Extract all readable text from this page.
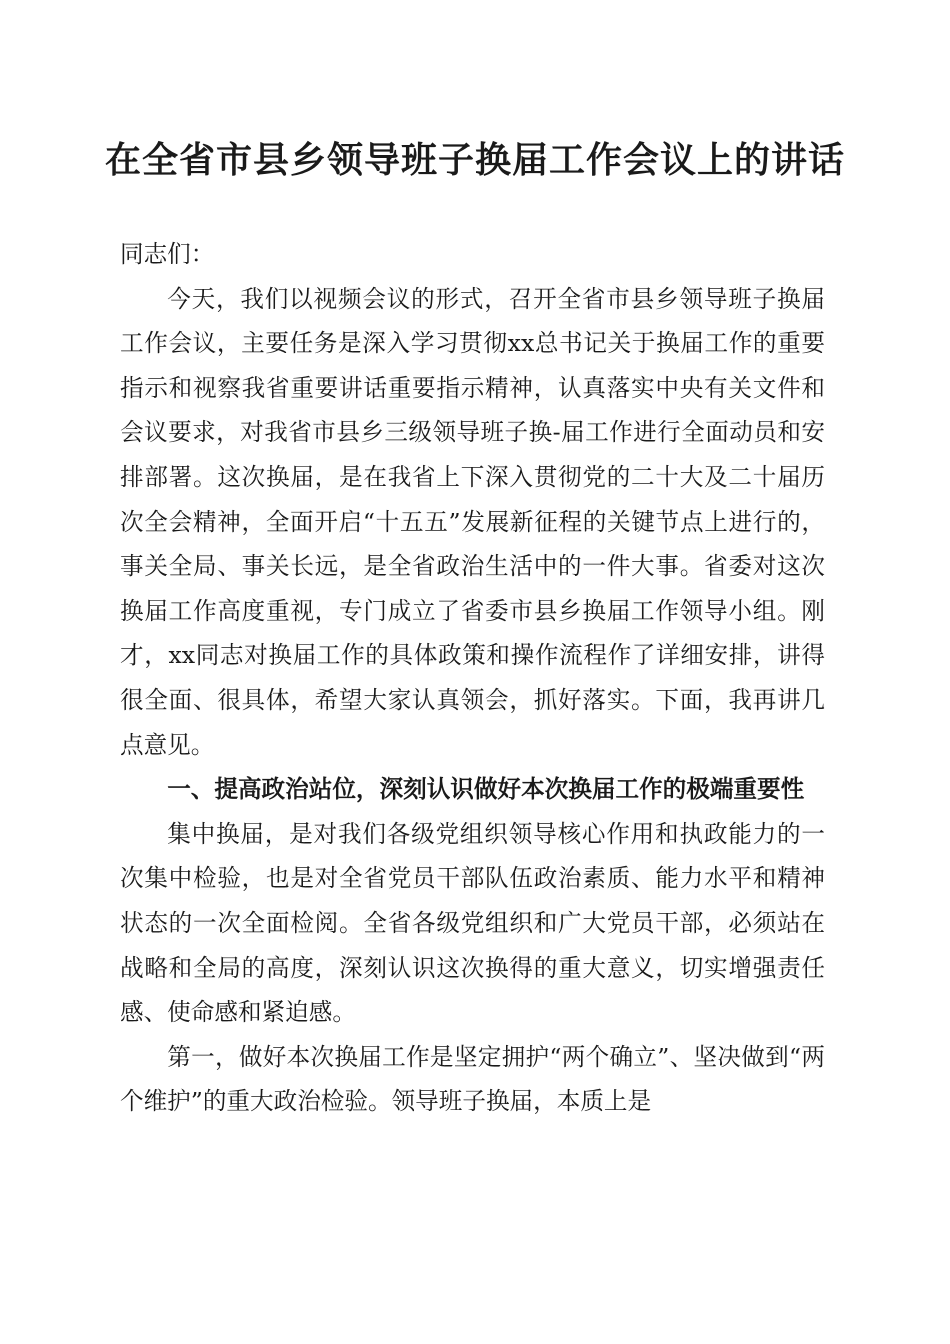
在全省市县乡领导班子换届工作会议上的讲话

同志们：

今天，我们以视频会议的形式，召开全省市县乡领导班子换届工作会议，主要任务是深入学习贯彻xx总书记关于换届工作的重要指示和视察我省重要讲话重要指示精神，认真落实中央有关文件和会议要求，对我省市县乡三级领导班子换-届工作进行全面动员和安排部署。这次换届，是在我省上下深入贯彻党的二十大及二十届历次全会精神，全面开启“十五五”发展新征程的关键节点上进行的，事关全局、事关长远，是全省政治生活中的一件大事。省委对这次换届工作高度重视，专门成立了省委市县乡换届工作领导小组。刚才，xx同志对换届工作的具体政策和操作流程作了详细安排，讲得很全面、很具体，希望大家认真领会，抓好落实。下面，我再讲几点意见。

一、提高政治站位，深刻认识做好本次换届工作的极端重要性

集中换届，是对我们各级党组织领导核心作用和执政能力的一次集中检验，也是对全省党员干部队伍政治素质、能力水平和精神状态的一次全面检阅。全省各级党组织和广大党员干部，必须站在战略和全局的高度，深刻认识这次换得的重大意义，切实增强责任感、使命感和紧迫感。

第一，做好本次换届工作是坚定拥护“两个确立”、坚决做到“两个维护”的重大政治检验。领导班子换届，本质上是
